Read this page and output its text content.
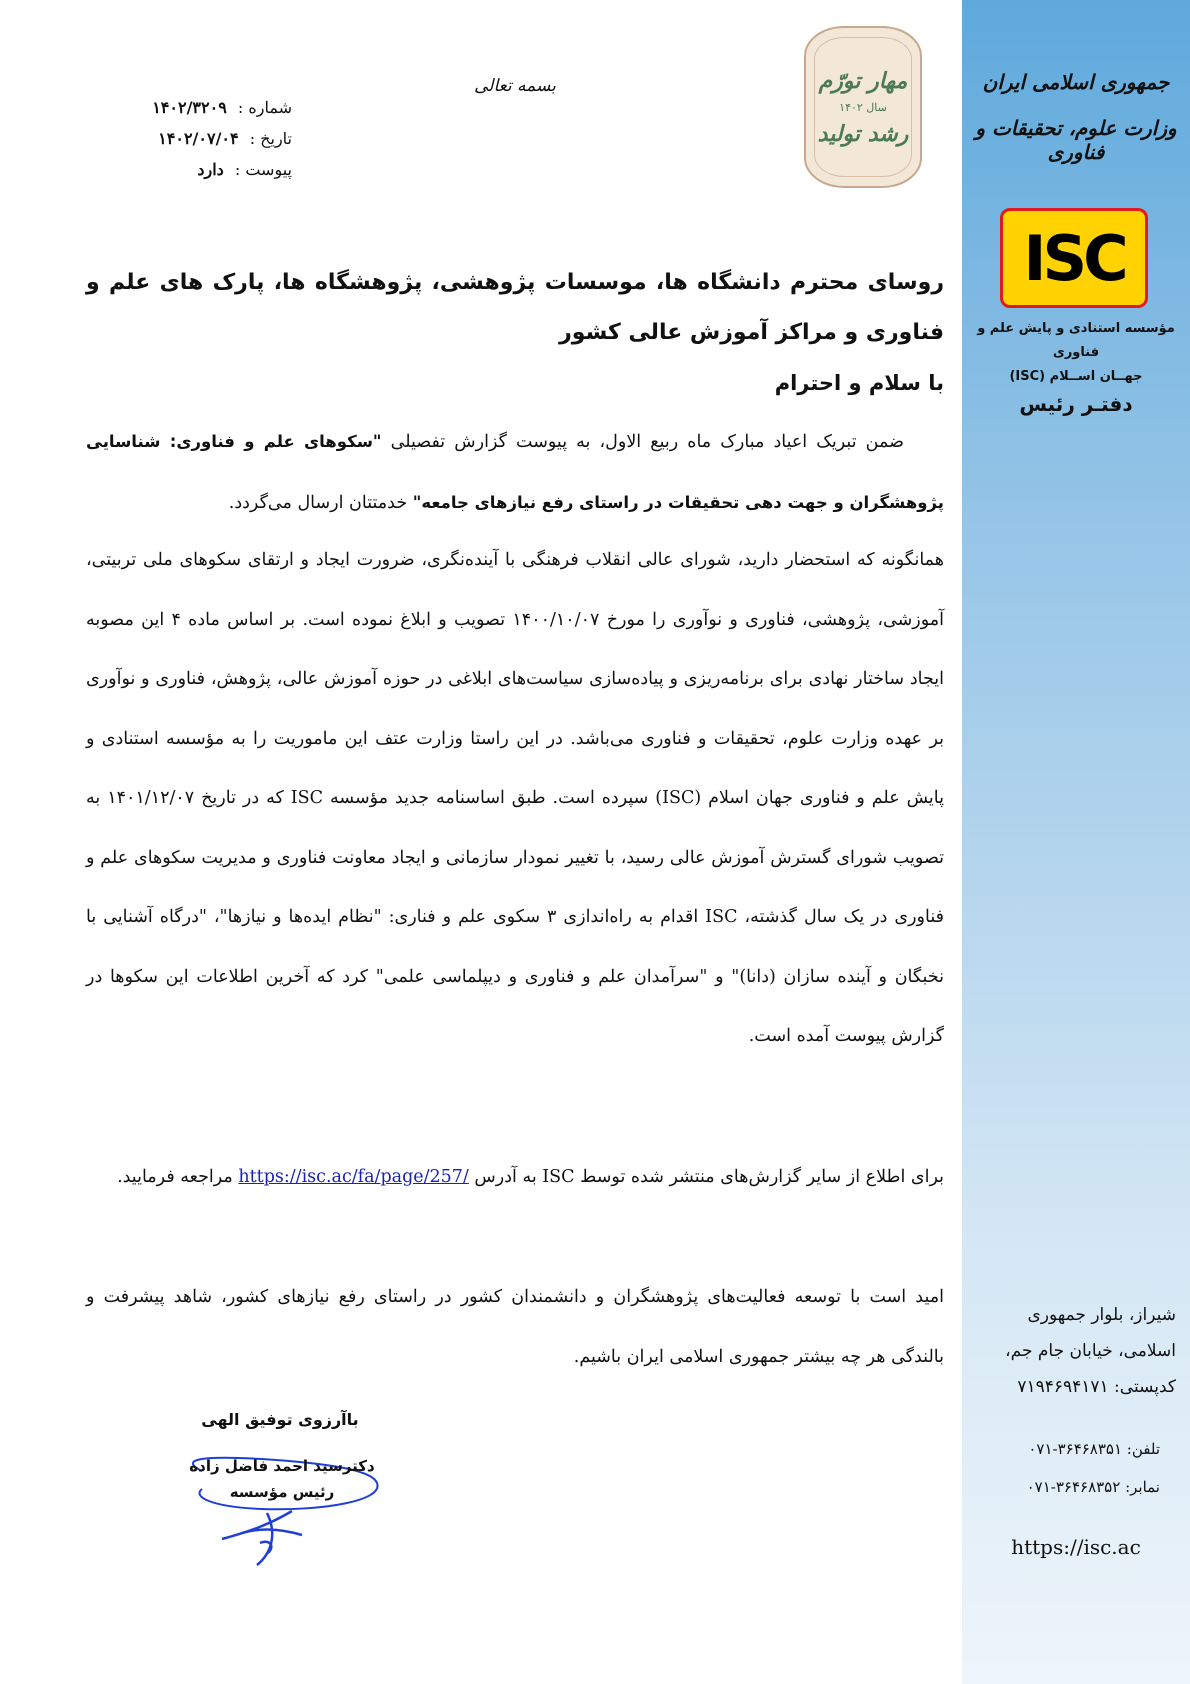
جمهوری اسلامی ایران
وزارت علوم، تحقیقات و فناوری
ISC
مؤسسه استنادی و پایش علم و فناوری
جهــان اســلام (ISC)
دفتـر رئیس
شیراز، بلوار جمهوری اسلامی، خیابان جام جم، کدپستی: ۷۱۹۴۶۹۴۱۷۱
تلفن: ۳۶۴۶۸۳۵۱-۰۷۱
نمابر: ۳۶۴۶۸۳۵۲-۰۷۱
https://isc.ac
بسمه تعالی	مهار تورّم
سال ۱۴۰۲
رشد تولید
شماره : ۱۴۰۲/۳۲۰۹
تاریخ : ۱۴۰۲/۰۷/۰۴
پیوست : دارد
روسای محترم دانشگاه ها، موسسات پژوهشی، پژوهشگاه ها، پارک های علم و فناوری و مراکز آموزش عالی کشور
با سلام و احترام
ضمن تبریک اعیاد مبارک ماه ربیع الاول، به پیوست گزارش تفصیلی "سکوهای علم و فناوری: شناسایی پژوهشگران و جهت دهی تحقیقات در راستای رفع نیازهای جامعه" خدمتتان ارسال می‌گردد.
همانگونه که استحضار دارید، شورای عالی انقلاب فرهنگی با آینده‌نگری، ضرورت ایجاد و ارتقای سکوهای ملی تربیتی، آموزشی، پژوهشی، فناوری و نوآوری را مورخ ۱۴۰۰/۱۰/۰۷ تصویب و ابلاغ نموده است. بر اساس ماده ۴ این مصوبه ایجاد ساختار نهادی برای برنامه‌ریزی و پیاده‌سازی سیاست‌های ابلاغی در حوزه آموزش عالی، پژوهش، فناوری و نوآوری بر عهده وزارت علوم، تحقیقات و فناوری می‌باشد. در این راستا وزارت عتف این ماموریت را به مؤسسه استنادی و پایش علم و فناوری جهان اسلام (ISC) سپرده است. طبق اساسنامه جدید مؤسسه ISC که در تاریخ ۱۴۰۱/۱۲/۰۷ به تصویب شورای گسترش آموزش عالی رسید، با تغییر نمودار سازمانی و ایجاد معاونت فناوری و مدیریت سکوهای علم و فناوری در یک سال گذشته، ISC اقدام به راه‌اندازی ۳ سکوی علم و فناری: "نظام ایده‌ها و نیازها"، "درگاه آشنایی با نخبگان و آینده سازان (دانا)" و "سرآمدان علم و فناوری و دیپلماسی علمی" کرد که آخرین اطلاعات این سکوها در گزارش پیوست آمده است.
برای اطلاع از سایر گزارش‌های منتشر شده توسط ISC به آدرس https://isc.ac/fa/page/257/ مراجعه فرمایید.
امید است با توسعه فعالیت‌های پژوهشگران و دانشمندان کشور در راستای رفع نیازهای کشور، شاهد پیشرفت و بالندگی هر چه بیشتر جمهوری اسلامی ایران باشیم.
باآرزوی توفیق الهی
دکترسید احمد فاضل زاده
رئیس مؤسسه
